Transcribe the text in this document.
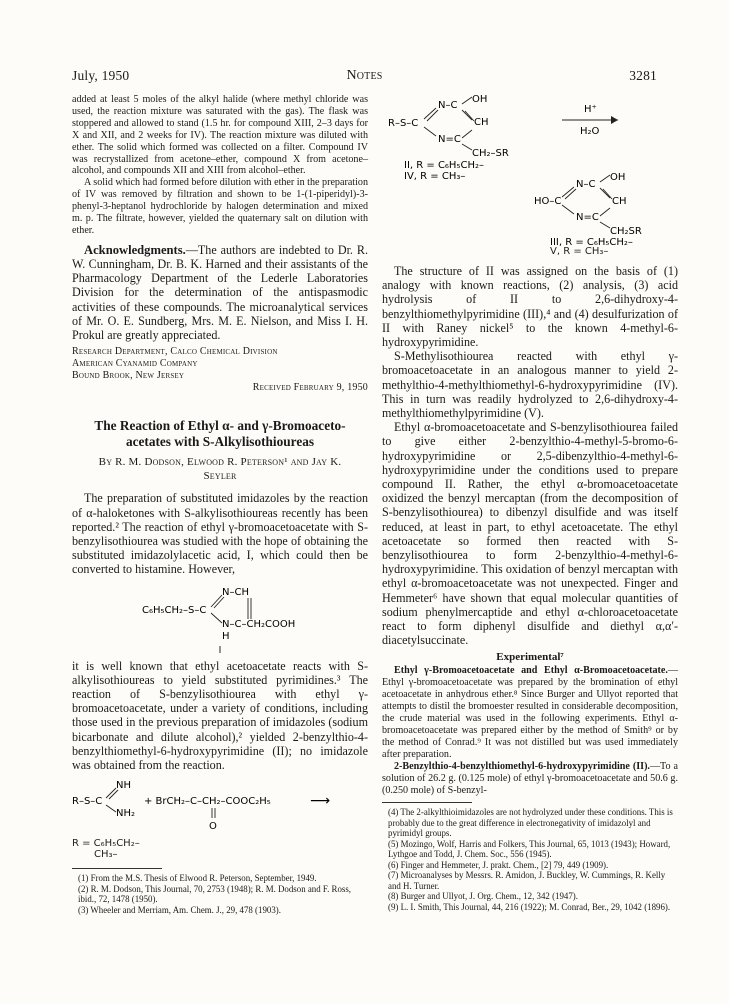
July, 1950	Notes	3281

added at least 5 moles of the alkyl halide (where methyl chloride was used, the reaction mixture was saturated with the gas). The flask was stoppered and allowed to stand (1.5 hr. for compound XIII, 2–3 days for X and XII, and 2 weeks for IV). The reaction mixture was diluted with ether. The solid which formed was collected on a filter. Compound IV was recrystallized from acetone–ether, compound X from acetone–alcohol, and compounds XII and XIII from alcohol–ether.

A solid which had formed before dilution with ether in the preparation of IV was removed by filtration and shown to be 1-(1-piperidyl)-3-phenyl-3-heptanol hydrochloride by halogen determination and mixed m. p. The filtrate, however, yielded the quaternary salt on dilution with ether.

Acknowledgments.—The authors are indebted to Dr. R. W. Cunningham, Dr. B. K. Harned and their assistants of the Pharmacology Department of the Lederle Laboratories Division for the determination of the antispasmodic activities of these compounds. The microanalytical services of Mr. O. E. Sundberg, Mrs. M. E. Nielson, and Miss I. H. Prokul are greatly appreciated.

Research Department, Calco Chemical Division
American Cyanamid Company
Bound Brook, New Jersey
Received February 9, 1950
The Reaction of Ethyl α- and γ-Bromoaceto-
acetates with S-Alkylisothioureas
By R. M. Dodson, Elwood R. Peterson¹ and Jay K.
Seyler

The preparation of substituted imidazoles by the reaction of α-haloketones with S-alkylisothioureas recently has been reported.² The reaction of ethyl γ-bromoacetoacetate with S-benzylisothiourea was studied with the hope of obtaining the substituted imidazolylacetic acid, I, which could then be converted to histamine. However,

C₆H₅CH₂–S–C
N–CH
N–C–CH₂COOH
H
I

it is well known that ethyl acetoacetate reacts with S-alkylisothioureas to yield substituted pyrimidines.³ The reaction of S-benzylisothiourea with ethyl γ-bromoacetoacetate, under a variety of conditions, including those used in the previous preparation of imidazoles (sodium bicarbonate and dilute alcohol),² yielded 2-benzylthio-4-benzylthiomethyl-6-hydroxypyrimidine (II); no imidazole was obtained from the reaction.

R–S–C
NH
NH₂
+ BrCH₂–C–CH₂–COOC₂H₅
O
⟶
R = C₆H₅CH₂–
CH₃–

(1) From the M.S. Thesis of Elwood R. Peterson, September, 1949.

(2) R. M. Dodson, This Journal, 70, 2753 (1948); R. M. Dodson and F. Ross, ibid., 72, 1478 (1950).

(3) Wheeler and Merriam, Am. Chem. J., 29, 478 (1903).

R–S–C
N–C
OH
CH
N=C
CH₂–SR
II, R = C₆H₅CH₂–
IV, R = CH₃–
H⁺
H₂O
HO–C
N–C
OH
CH
N=C
CH₂SR
III, R = C₆H₅CH₂–
V, R = CH₃–

The structure of II was assigned on the basis of (1) analogy with known reactions, (2) analysis, (3) acid hydrolysis of II to 2,6-dihydroxy-4-benzylthiomethylpyrimidine (III),⁴ and (4) desulfurization of II with Raney nickel⁵ to the known 4-methyl-6-hydroxypyrimidine.

S-Methylisothiourea reacted with ethyl γ-bromoacetoacetate in an analogous manner to yield 2-methylthio-4-methylthiomethyl-6-hydroxypyrimidine (IV). This in turn was readily hydrolyzed to 2,6-dihydroxy-4-methylthiomethylpyrimidine (V).

Ethyl α-bromoacetoacetate and S-benzylisothiourea failed to give either 2-benzylthio-4-methyl-5-bromo-6-hydroxypyrimidine or 2,5-dibenzylthio-4-methyl-6-hydroxypyrimidine under the conditions used to prepare compound II. Rather, the ethyl α-bromoacetoacetate oxidized the benzyl mercaptan (from the decomposition of S-benzylisothiourea) to dibenzyl disulfide and was itself reduced, at least in part, to ethyl acetoacetate. The ethyl acetoacetate so formed then reacted with S-benzylisothiourea to form 2-benzylthio-4-methyl-6-hydroxypyrimidine. This oxidation of benzyl mercaptan with ethyl α-bromoacetoacetate was not unexpected. Finger and Hemmeter⁶ have shown that equal molecular quantities of sodium phenylmercaptide and ethyl α-chloroacetoacetate react to form diphenyl disulfide and diethyl α,α′-diacetylsuccinate.

Experimental⁷

Ethyl γ-Bromoacetoacetate and Ethyl α-Bromoacetoacetate.—Ethyl γ-bromoacetoacetate was prepared by the bromination of ethyl acetoacetate in anhydrous ether.⁸ Since Burger and Ullyot reported that attempts to distil the bromoester resulted in considerable decomposition, the crude material was used in the following experiments. Ethyl α-bromoacetoacetate was prepared either by the method of Smith⁹ or by the method of Conrad.⁹ It was not distilled but was used immediately after preparation.

2-Benzylthio-4-benzylthiomethyl-6-hydroxypyrimidine (II).—To a solution of 26.2 g. (0.125 mole) of ethyl γ-bromoacetoacetate and 50.6 g. (0.250 mole) of S-benzyl-

(4) The 2-alkylthioimidazoles are not hydrolyzed under these conditions. This is probably due to the great difference in electronegativity of imidazolyl and pyrimidyl groups.

(5) Mozingo, Wolf, Harris and Folkers, This Journal, 65, 1013 (1943); Howard, Lythgoe and Todd, J. Chem. Soc., 556 (1945).

(6) Finger and Hemmeter, J. prakt. Chem., [2] 79, 449 (1909).

(7) Microanalyses by Messrs. R. Amidon, J. Buckley, W. Cummings, R. Kelly and H. Turner.

(8) Burger and Ullyot, J. Org. Chem., 12, 342 (1947).

(9) L. I. Smith, This Journal, 44, 216 (1922); M. Conrad, Ber., 29, 1042 (1896).
